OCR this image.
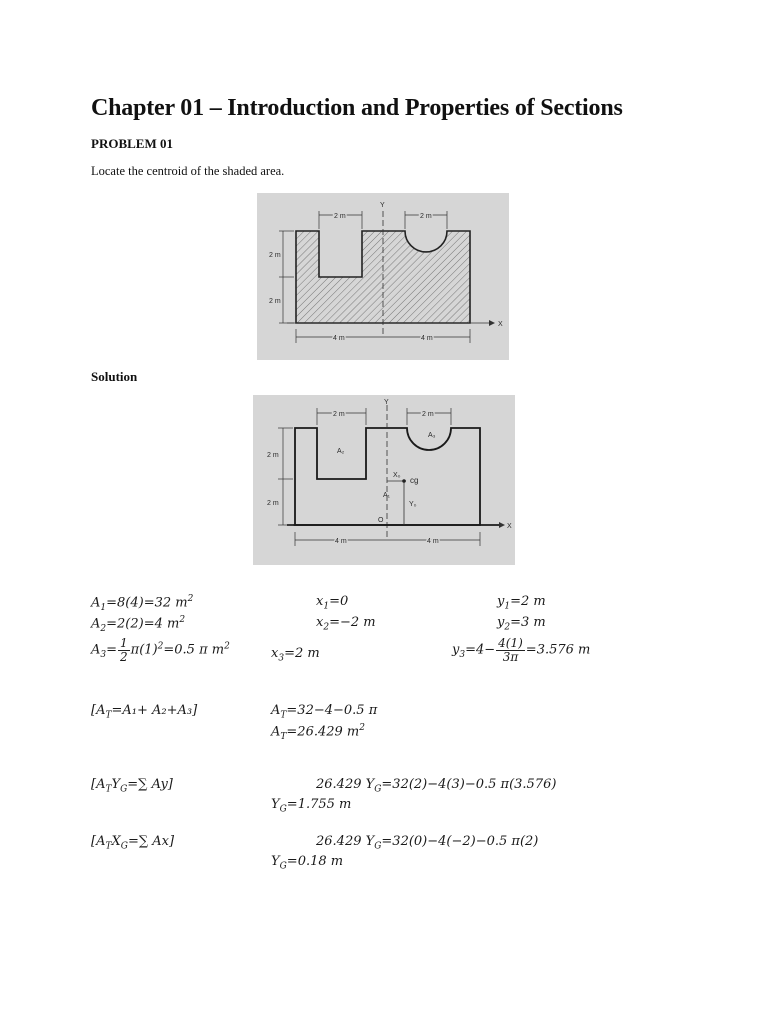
Chapter 01 – Introduction and Properties of Sections
PROBLEM 01
Locate the centroid of the shaded area.
2 m	2 m
2 m
2 m
4 m	4 m
Y
X
Solution
2 m	2 m
2 m
2 m
4 m	4 m
Y
X
A₂
A₃
A₁
X₀
cg
Y₀
O
$A_1=8(4)=32$ $m^2$	$x_1=0$	$y_1=2$ m
$A_2=2(2)=4$ $m^2$	$x_2=-2$ m	$y_2=3$ m
$A_3= \frac{1}{2} \pi(1)^2=0.5$ π $m^2$	$x_3=2$ m	$y_3=4- \frac{4(1)}{3\pi} =3.576$ m
$[A_T=A_1+ A_2+A_3]$	$A_T=32-4-0.5$ π
$A_T=26.429$ $m^2$
[$A_TY_G=\sum$ Ay]	26.429 $Y_G=32(2)-4(3)-0.5$ π(3.576)
$Y_G=1.755$ m
[$A_TX_G=\sum$ Ax]	26.429 $Y_G=32(0)-4(-2)-0.5$ π(2)
$Y_G=0.18$ m
